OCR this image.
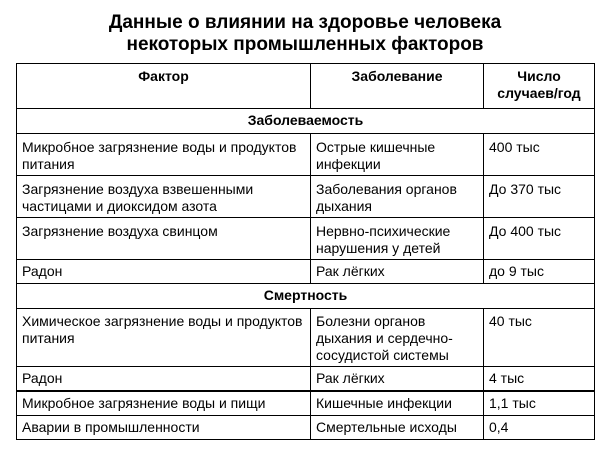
Данные о влиянии на здоровье человека
некоторых промышленных факторов
Фактор	Заболевание	Число
случаев/год

Заболеваемость		
Микробное загрязнение воды и продуктов питания	Острые кишечные инфекции	400 тыс
Загрязнение воздуха взвешенными частицами и диоксидом азота	Заболевания органов дыхания	До 370 тыс
Загрязнение воздуха свинцом	Нервно-психические нарушения у детей	До 400 тыс
Радон	Рак лёгких	до 9 тыс
Смертность		
Химическое загрязнение воды и продуктов питания	Болезни органов дыхания и сердечно-сосудистой системы	40 тыс
Радон	Рак лёгких	4 тыс
Микробное загрязнение воды и пищи	Кишечные инфекции	1,1 тыс
Аварии в промышленности	Смертельные исходы	0,4
